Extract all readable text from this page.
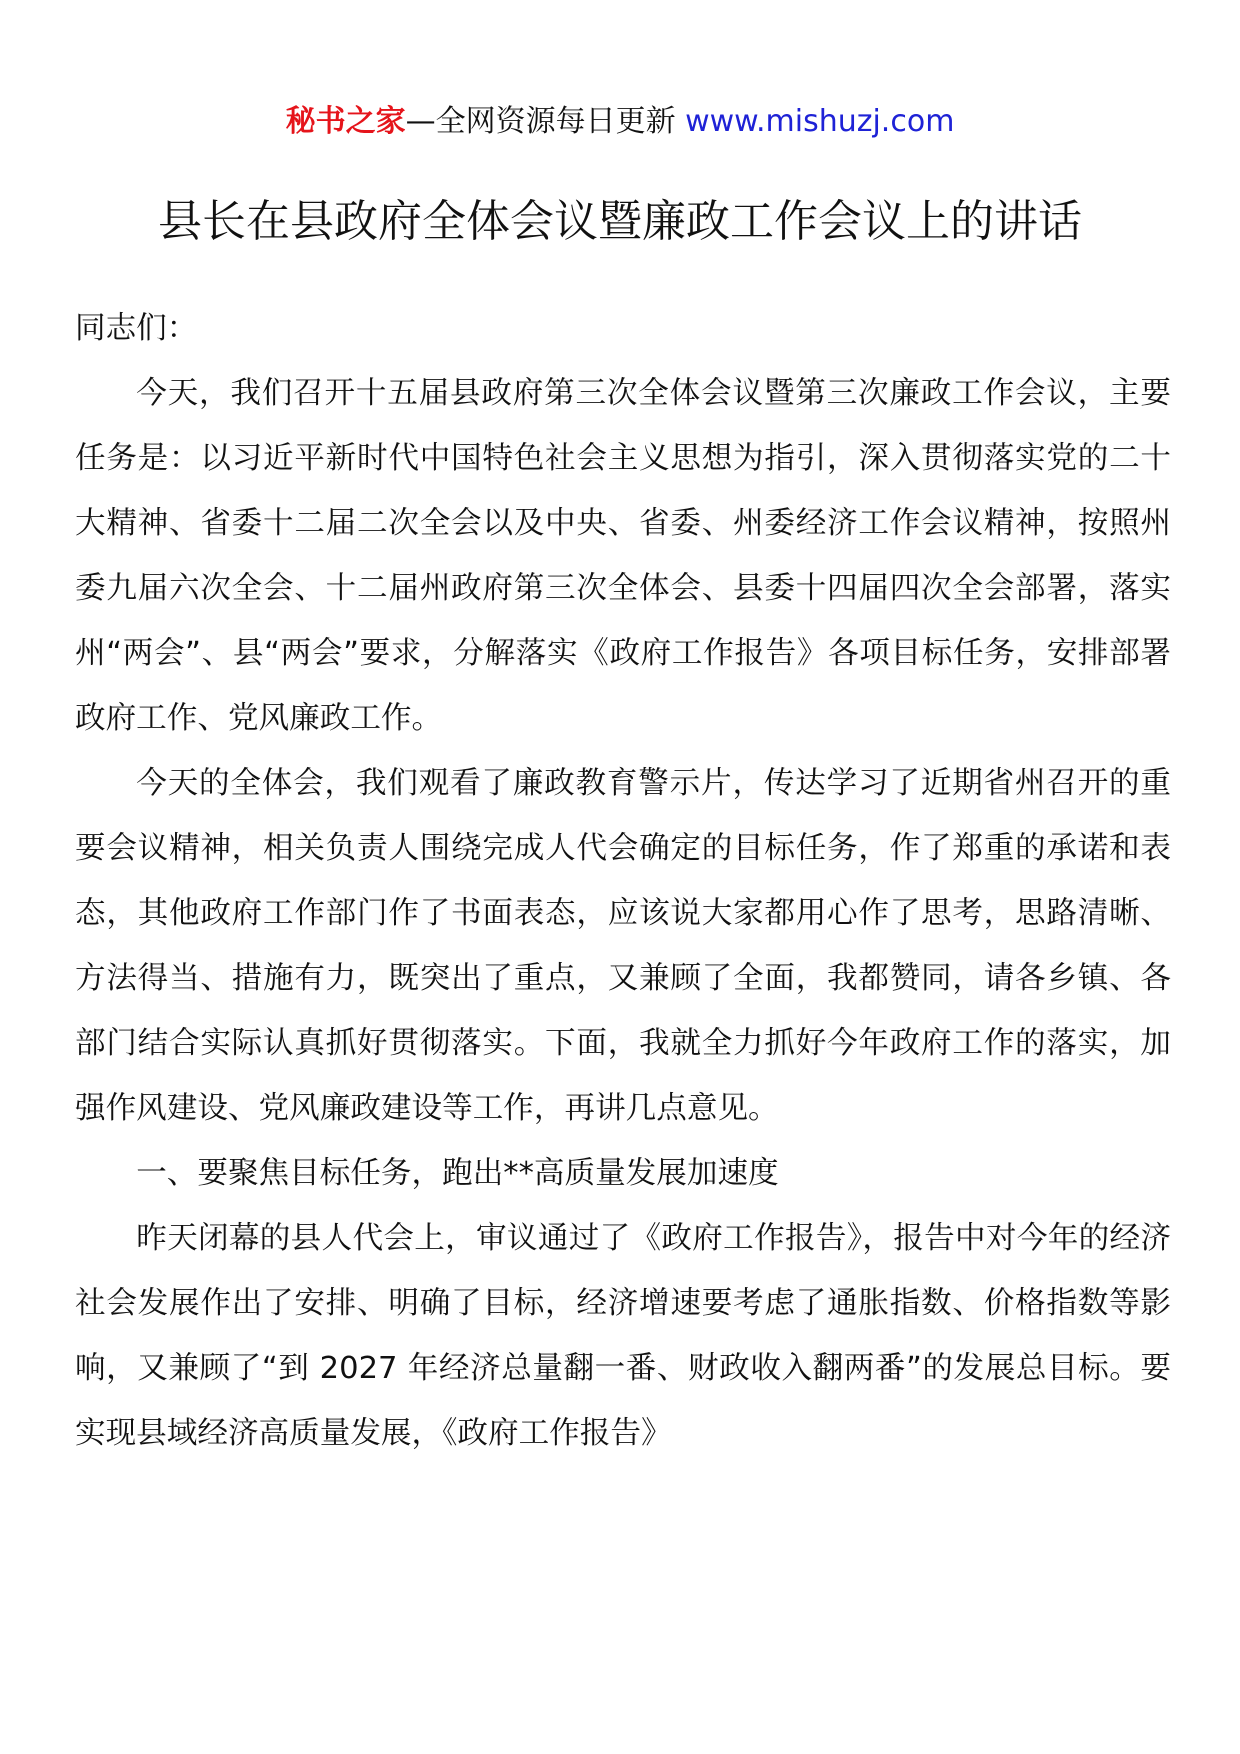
秘书之家—全网资源每日更新 www.mishuzj.com
县长在县政府全体会议暨廉政工作会议上的讲话

同志们：

今天，我们召开十五届县政府第三次全体会议暨第三次廉政工作会议，主要任务是：以习近平新时代中国特色社会主义思想为指引，深入贯彻落实党的二十大精神、省委十二届二次全会以及中央、省委、州委经济工作会议精神，按照州委九届六次全会、十二届州政府第三次全体会、县委十四届四次全会部署，落实州“两会”、县“两会”要求，分解落实《政府工作报告》各项目标任务，安排部署政府工作、党风廉政工作。

今天的全体会，我们观看了廉政教育警示片，传达学习了近期省州召开的重要会议精神，相关负责人围绕完成人代会确定的目标任务，作了郑重的承诺和表态，其他政府工作部门作了书面表态，应该说大家都用心作了思考，思路清晰、方法得当、措施有力，既突出了重点，又兼顾了全面，我都赞同，请各乡镇、各部门结合实际认真抓好贯彻落实。下面，我就全力抓好今年政府工作的落实，加强作风建设、党风廉政建设等工作，再讲几点意见。

一、要聚焦目标任务，跑出**高质量发展加速度

昨天闭幕的县人代会上，审议通过了《政府工作报告》，报告中对今年的经济社会发展作出了安排、明确了目标，经济增速要考虑了通胀指数、价格指数等影响，又兼顾了“到 2027 年经济总量翻一番、财政收入翻两番”的发展总目标。要实现县域经济高质量发展，《政府工作报告》
